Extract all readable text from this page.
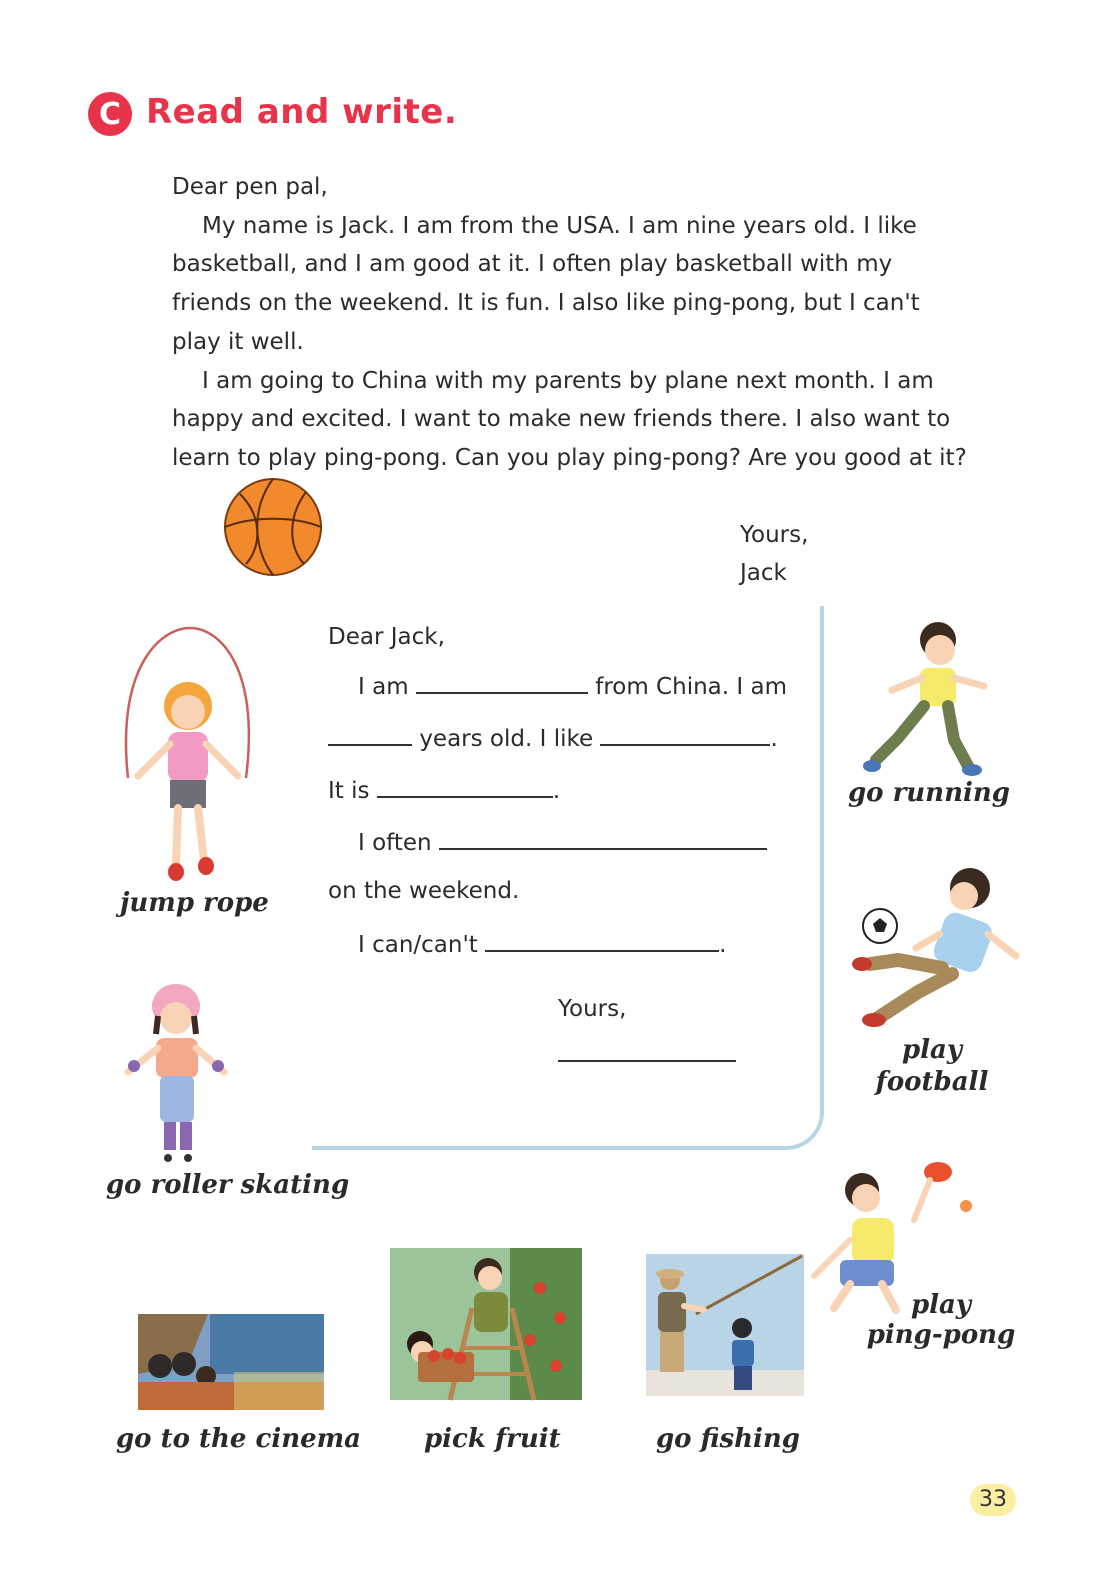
C Read and write.

Dear pen pal,

My name is Jack. I am from the USA. I am nine years old. I like

basketball, and I am good at it. I often play basketball with my

friends on the weekend. It is fun. I also like ping-pong, but I can't

play it well.

I am going to China with my parents by plane next month. I am

happy and excited. I want to make new friends there. I also want to

learn to play ping-pong. Can you play ping-pong? Are you good at it?

Yours,
Jack
Dear Jack,
I am	from China. I am
years old. I like	.
It is	.
I often
on the weekend.
I can/can't	.
Yours,
jump rope
go roller skating
go running
play
football
play
ping-pong
go to the cinema pick fruit	go fishing
33
